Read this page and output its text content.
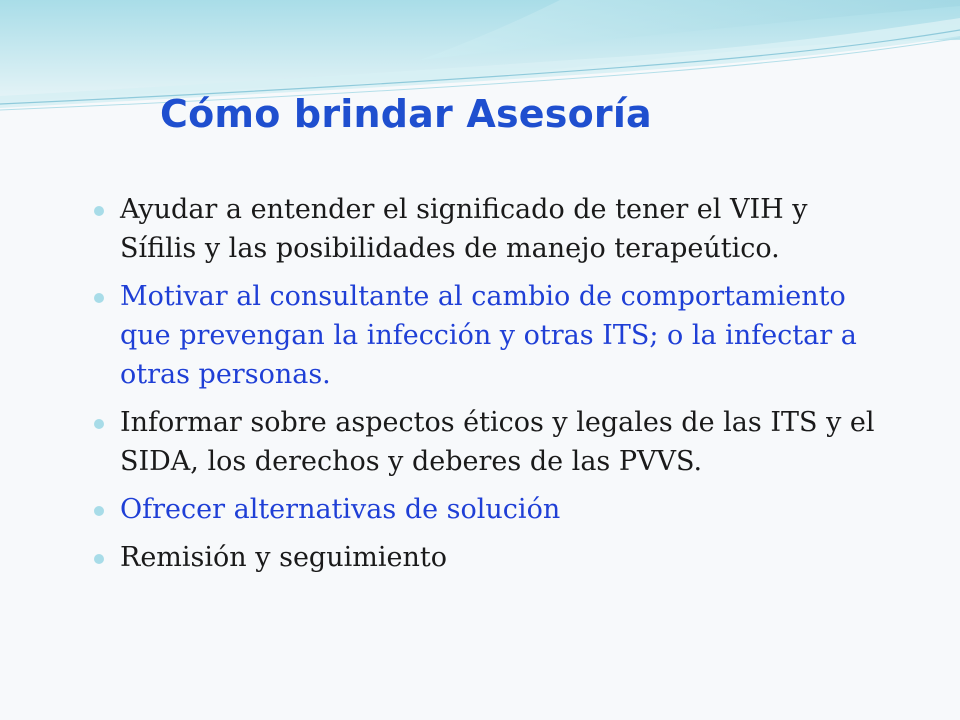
Cómo brindar Asesoría
Ayudar a entender el significado de tener el VIH y Sífilis y las posibilidades de manejo terapeútico.
Motivar al consultante al cambio de comportamiento que prevengan la infección y otras ITS; o la infectar a otras personas.
Informar sobre aspectos éticos y legales de las ITS y el SIDA, los derechos y deberes de las PVVS.
Ofrecer alternativas de solución
Remisión y seguimiento
